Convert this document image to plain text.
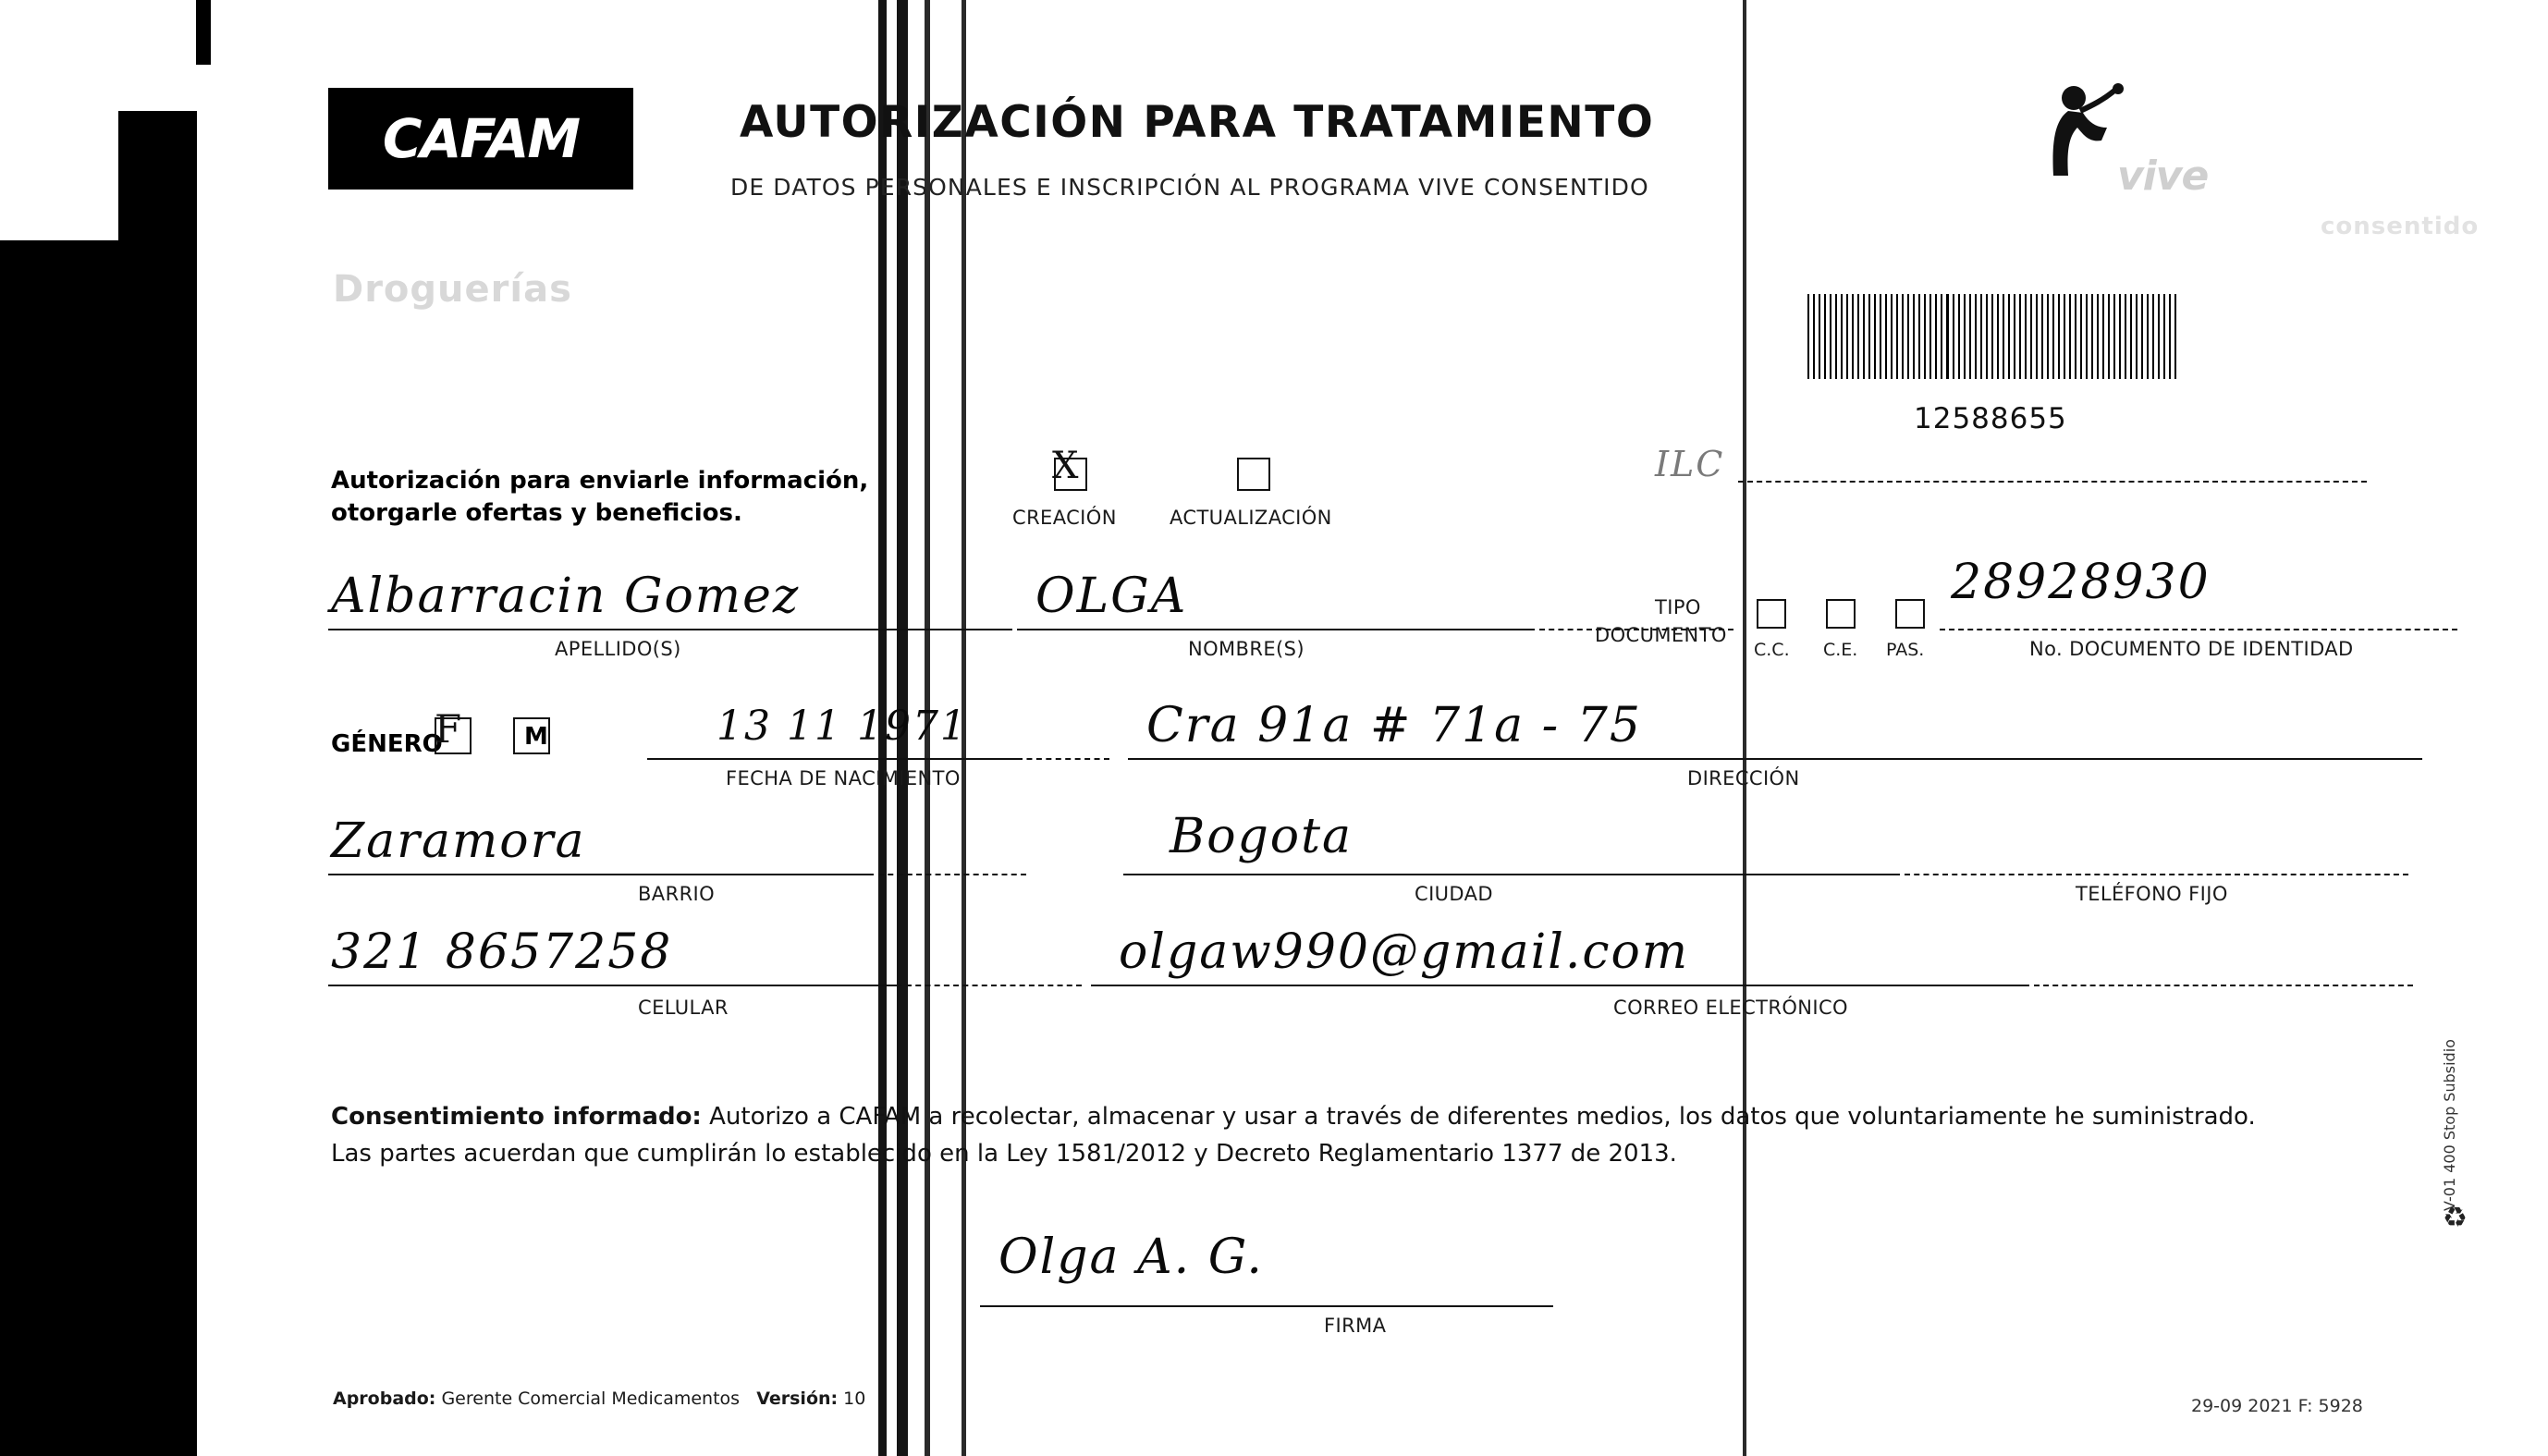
CAFAM
Droguerías
AUTORIZACIÓN PARA TRATAMIENTO
DE DATOS PERSONALES E INSCRIPCIÓN AL PROGRAMA VIVE CONSENTIDO	vive
consentido
12588655
Autorización para enviarle información,
otorgarle ofertas y beneficios.
X
CREACIÓN	ACTUALIZACIÓN
ILC
Albarracin Gomez
APELLIDO(S)
OLGA
NOMBRE(S)
TIPO
DOCUMENTO
C.C. C.E. PAS.
28928930
No. DOCUMENTO DE IDENTIDAD
GÉNERO
F	M	13 11 1971
FECHA DE NACIMIENTO
Cra 91a # 71a - 75
DIRECCIÓN
Zaramora
BARRIO
Bogota
CIUDAD	TELÉFONO FIJO
321 8657258
CELULAR
olgaw990@gmail.com
CORREO ELECTRÓNICO
Consentimiento informado: Autorizo a CAFAM a recolectar, almacenar y usar a través de diferentes medios, los datos que voluntariamente he suministrado.
Las partes acuerdan que cumplirán lo establecido en la Ley 1581/2012 y Decreto Reglamentario 1377 de 2013.
Olga A. G.
FIRMA
Aprobado: Gerente Comercial Medicamentos Versión: 10	29-09 2021 F: 5928
V-01 400 Stop Subsidio
♻
